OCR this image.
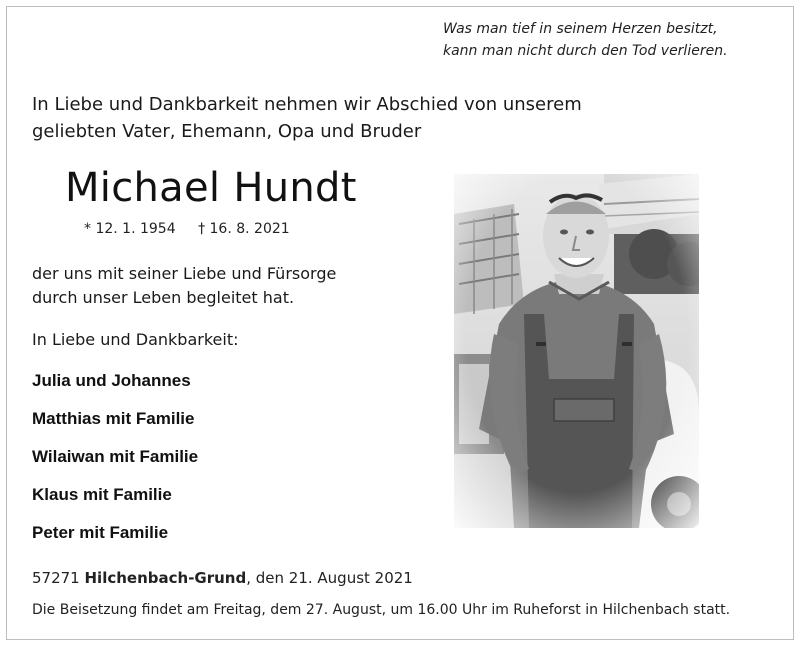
Was man tief in seinem Herzen besitzt,
kann man nicht durch den Tod verlieren.
In Liebe und Dankbarkeit nehmen wir Abschied von unserem
geliebten Vater, Ehemann, Opa und Bruder
Michael Hundt
* 12. 1. 1954 † 16. 8. 2021
der uns mit seiner Liebe und Fürsorge
durch unser Leben begleitet hat.
In Liebe und Dankbarkeit:
Julia und Johannes
Matthias mit Familie
Wilaiwan mit Familie
Klaus mit Familie
Peter mit Familie
57271 Hilchenbach-Grund, den 21. August 2021
Die Beisetzung findet am Freitag, dem 27. August, um 16.00 Uhr im Ruheforst in Hilchenbach statt.
